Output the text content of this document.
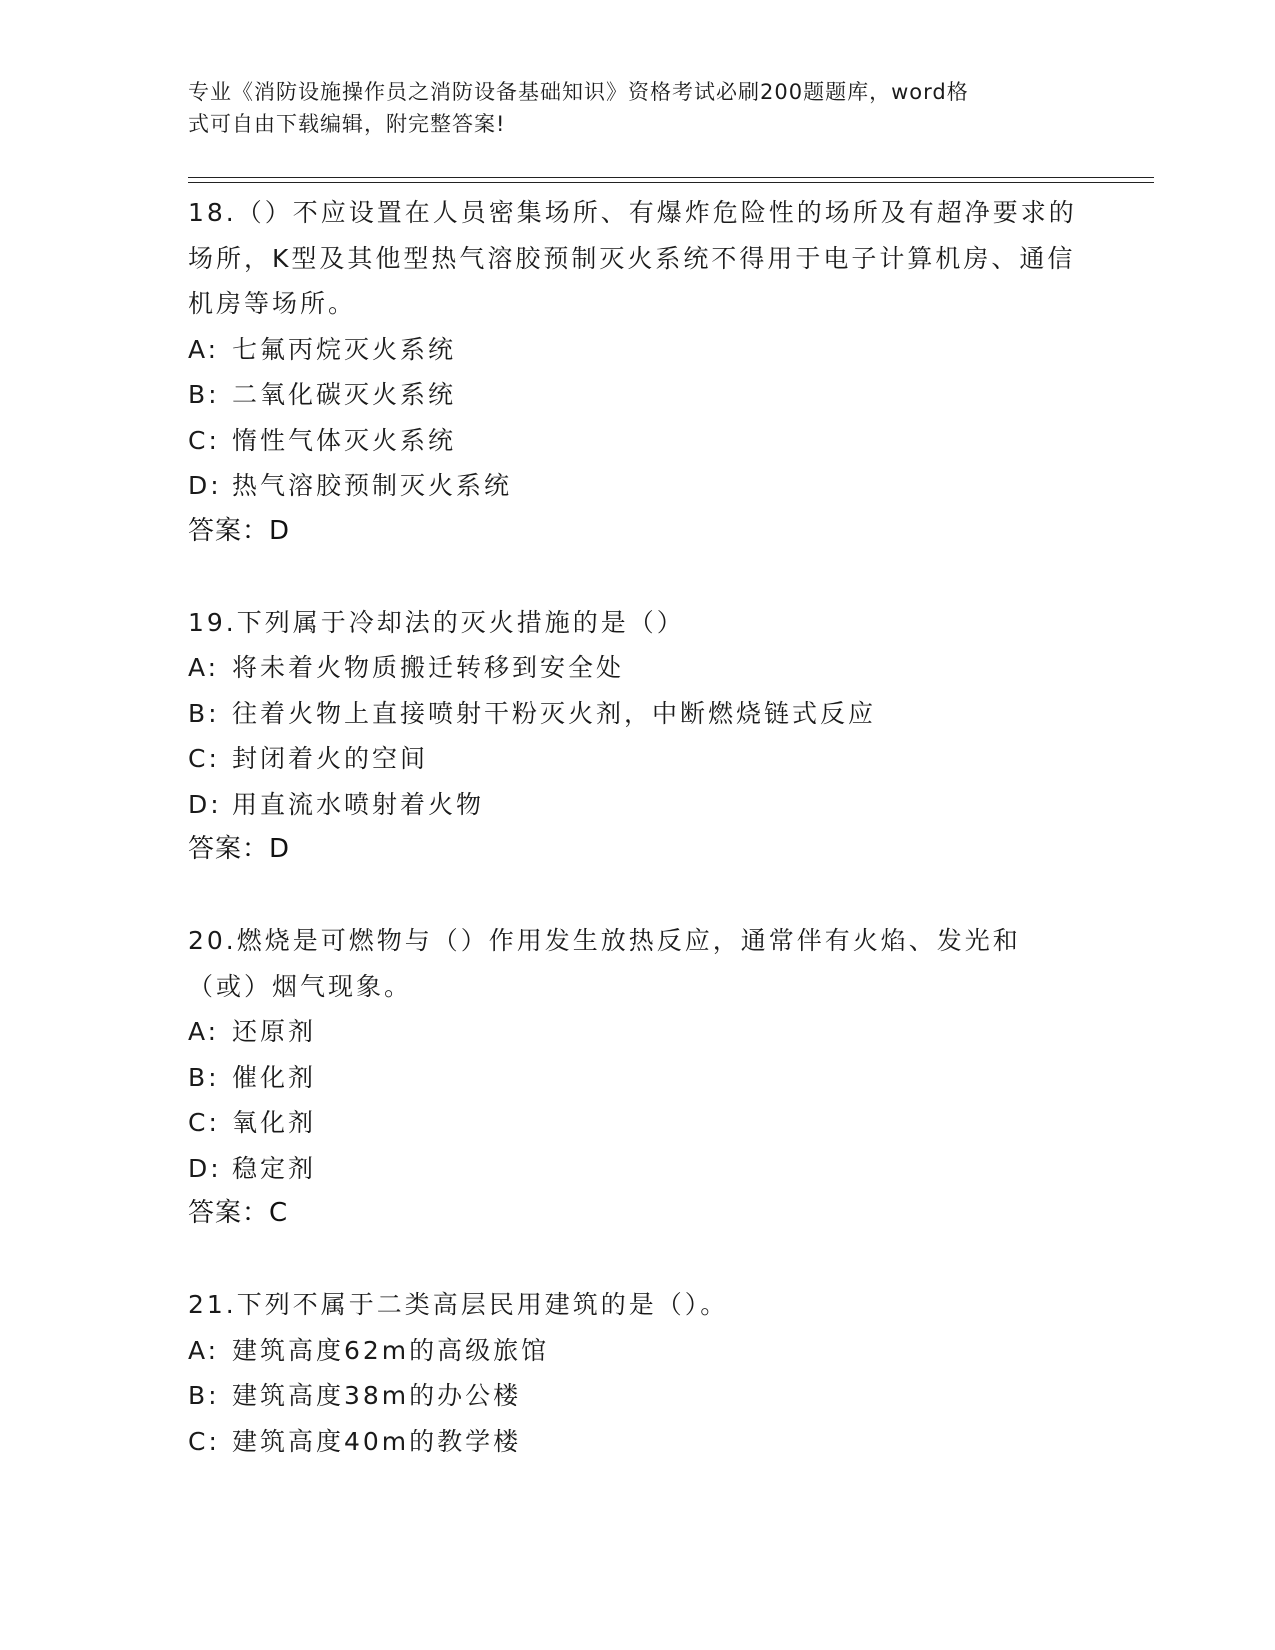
专业《消防设施操作员之消防设备基础知识》资格考试必刷200题题库，word格
式可自由下载编辑，附完整答案!

18.（）不应设置在人员密集场所、有爆炸危险性的场所及有超净要求的场所，K型及其他型热气溶胶预制灭火系统不得用于电子计算机房、通信机房等场所。

A: 七氟丙烷灭火系统

B: 二氧化碳灭火系统

C: 惰性气体灭火系统

D: 热气溶胶预制灭火系统

答案：D

19.下列属于冷却法的灭火措施的是（）

A: 将未着火物质搬迁转移到安全处

B: 往着火物上直接喷射干粉灭火剂，中断燃烧链式反应

C: 封闭着火的空间

D: 用直流水喷射着火物

答案：D

20.燃烧是可燃物与（）作用发生放热反应，通常伴有火焰、发光和（或）烟气现象。

A: 还原剂

B: 催化剂

C: 氧化剂

D: 稳定剂

答案：C

21.下列不属于二类高层民用建筑的是（）。

A: 建筑高度62m的高级旅馆

B: 建筑高度38m的办公楼

C: 建筑高度40m的教学楼
